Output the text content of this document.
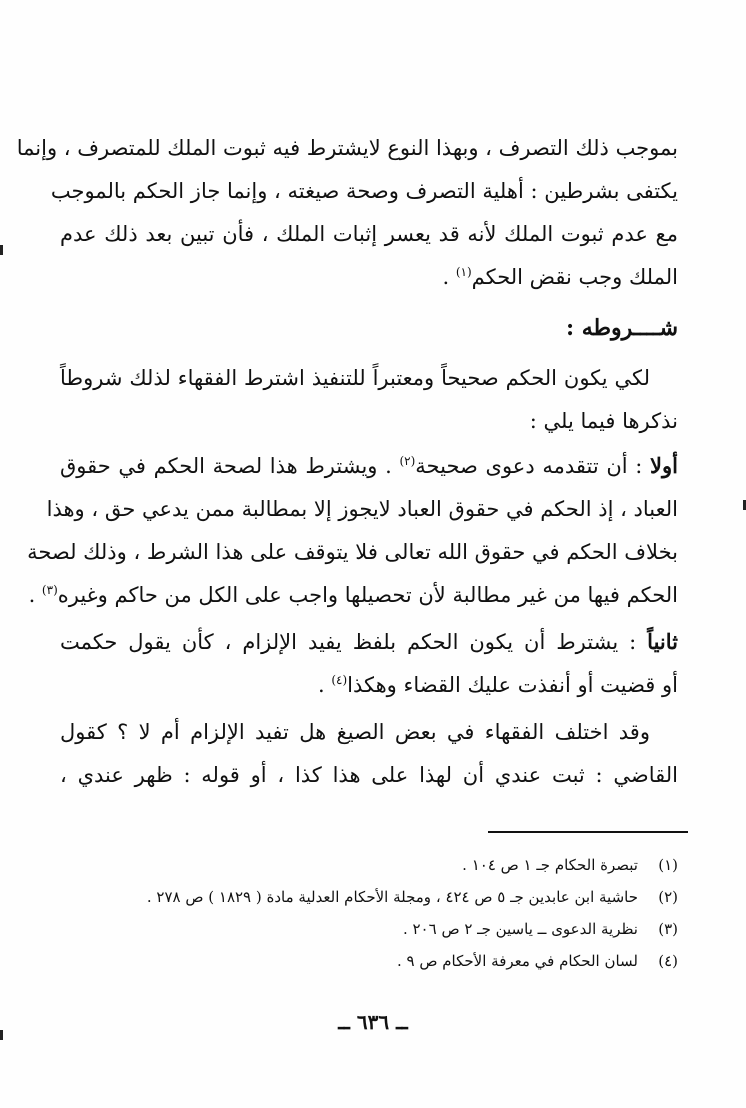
بموجب ذلك التصرف ، وبهذا النوع لايشترط فيه ثبوت الملك للمتصرف ، وإنما
يكتفى بشرطين : أهلية التصرف وصحة صيغته ، وإنما جاز الحكم بالموجب
مع عدم ثبوت الملك لأنه قد يعسر إثبات الملك ، فأن تبين بعد ذلك عدم
الملك وجب نقض الحكم$^{(١)}$ .
شــــروطه :
لكي يكون الحكم صحيحاً ومعتبراً للتنفيذ اشترط الفقهاء لذلك شروطاً
نذكرها فيما يلي :
أولا : أن تتقدمه دعوى صحيحة$^{(٢)}$ . ويشترط هذا لصحة الحكم في حقوق
العباد ، إذ الحكم في حقوق العباد لايجوز إلا بمطالبة ممن يدعي حق ، وهذا
بخلاف الحكم في حقوق الله تعالى فلا يتوقف على هذا الشرط ، وذلك لصحة
الحكم فيها من غير مطالبة لأن تحصيلها واجب على الكل من حاكم وغيره$^{(٣)}$ .
ثانياً : يشترط أن يكون الحكم بلفظ يفيد الإلزام ، كأن يقول حكمت
أو قضيت أو أنفذت عليك القضاء وهكذا$^{(٤)}$ .
وقد اختلف الفقهاء في بعض الصيغ هل تفيد الإلزام أم لا ؟ كقول
القاضي : ثبت عندي أن لهذا على هذا كذا ، أو قوله : ظهر عندي ،
(١)تبصرة الحكام جـ ١ ص ١٠٤ .
(٢)حاشية ابن عابدين جـ ٥ ص ٤٢٤ ، ومجلة الأحكام العدلية مادة ( ١٨٢٩ ) ص ٢٧٨ .
(٣)نظرية الدعوى ــ ياسين جـ ٢ ص ٢٠٦ .
(٤)لسان الحكام في معرفة الأحكام ص ٩ .
ــ ٦٣٦ ــ
